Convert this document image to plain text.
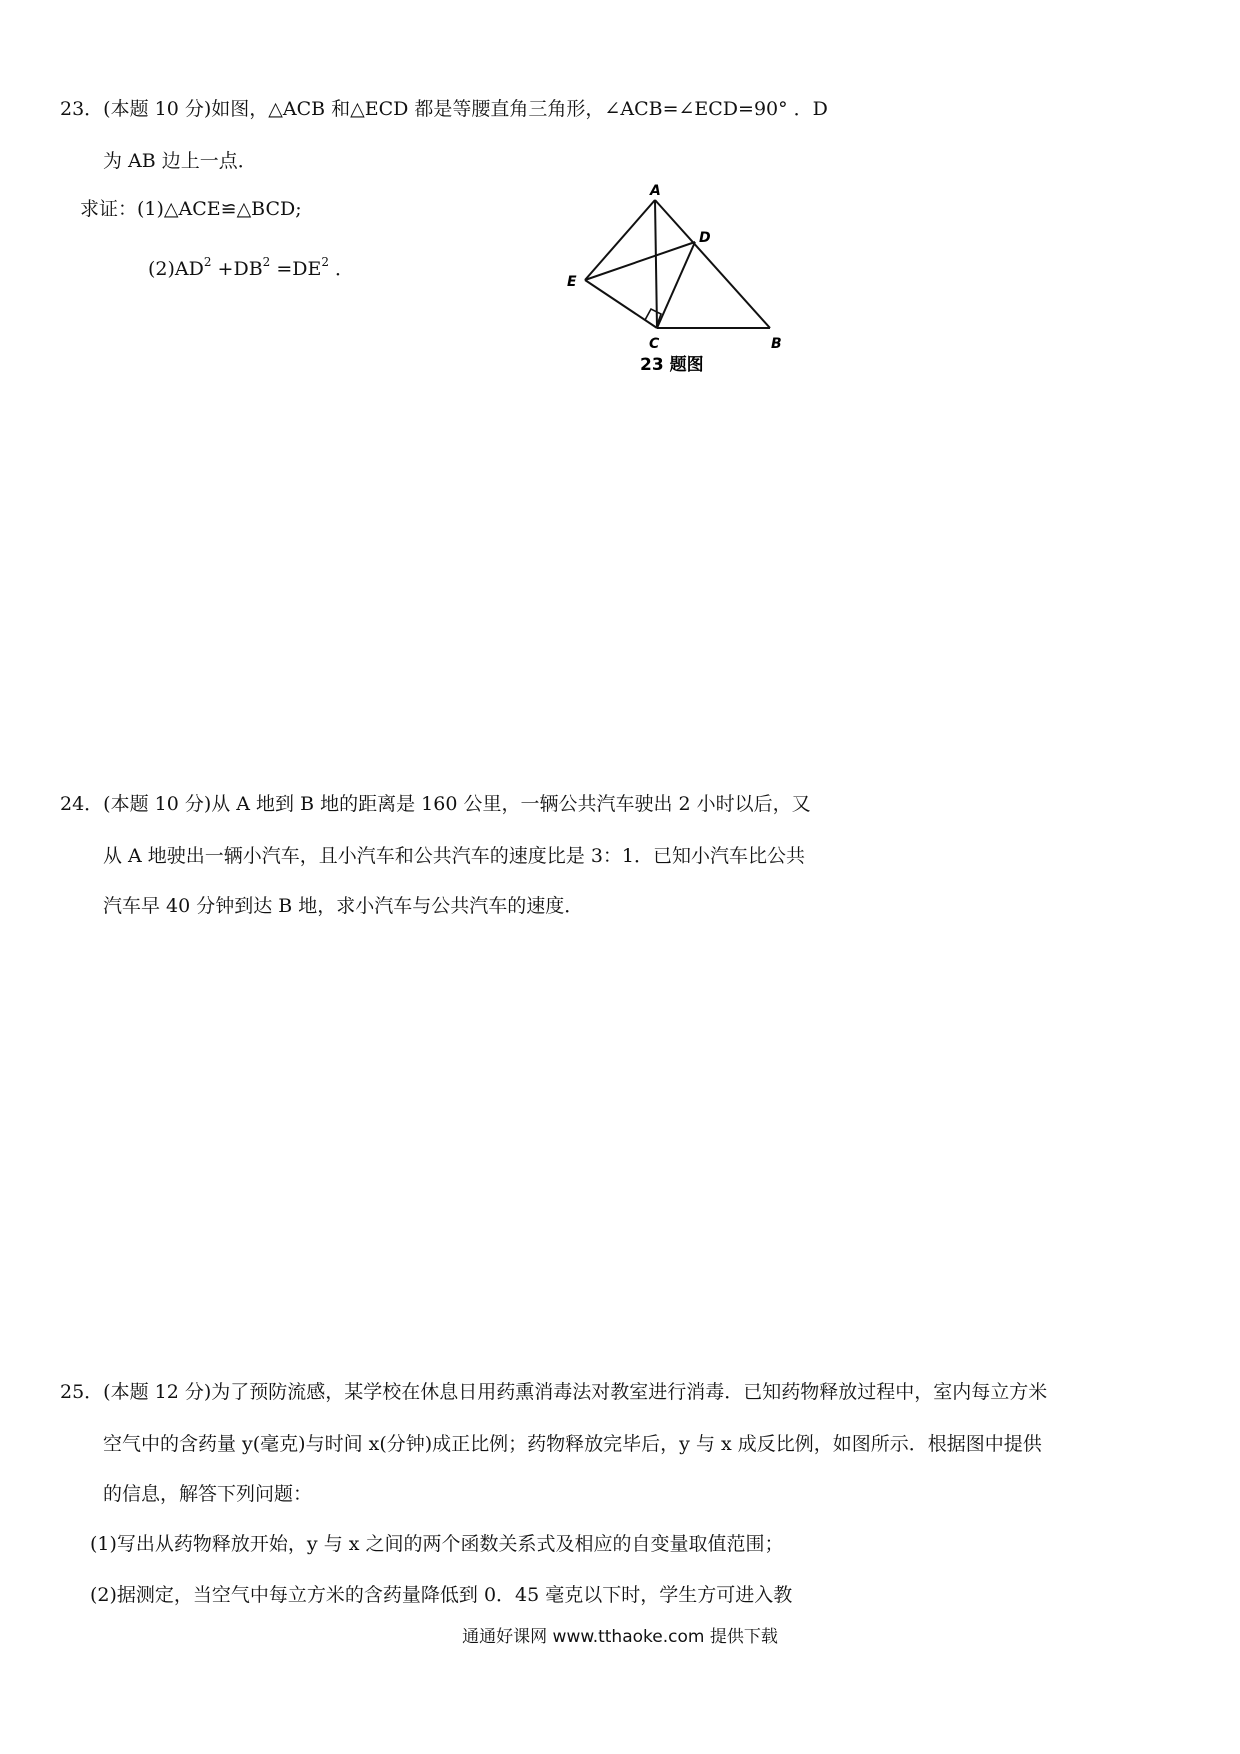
23．(本题 10 分)如图，△ACB 和△ECD 都是等腰直角三角形，∠ACB=∠ECD=90° ．D
为 AB 边上一点．
求证：(1)△ACE≌△BCD;
$(2)AD^2 +DB^2 =DE^2$ ．
A
D
E
C	B
23 题图
24．(本题 10 分)从 A 地到 B 地的距离是 160 公里，一辆公共汽车驶出 2 小时以后，又
从 A 地驶出一辆小汽车，且小汽车和公共汽车的速度比是 3：1．已知小汽车比公共
汽车早 40 分钟到达 B 地，求小汽车与公共汽车的速度．
25．(本题 12 分)为了预防流感，某学校在休息日用药熏消毒法对教室进行消毒．已知药物释放过程中，室内每立方米
空气中的含药量 y(毫克)与时间 x(分钟)成正比例；药物释放完毕后，y 与 x 成反比例，如图所示．根据图中提供
的信息，解答下列问题：
(1)写出从药物释放开始，y 与 x 之间的两个函数关系式及相应的自变量取值范围；
(2)据测定，当空气中每立方米的含药量降低到 0．45 毫克以下时，学生方可进入教
通通好课网 www.tthaoke.com 提供下载
